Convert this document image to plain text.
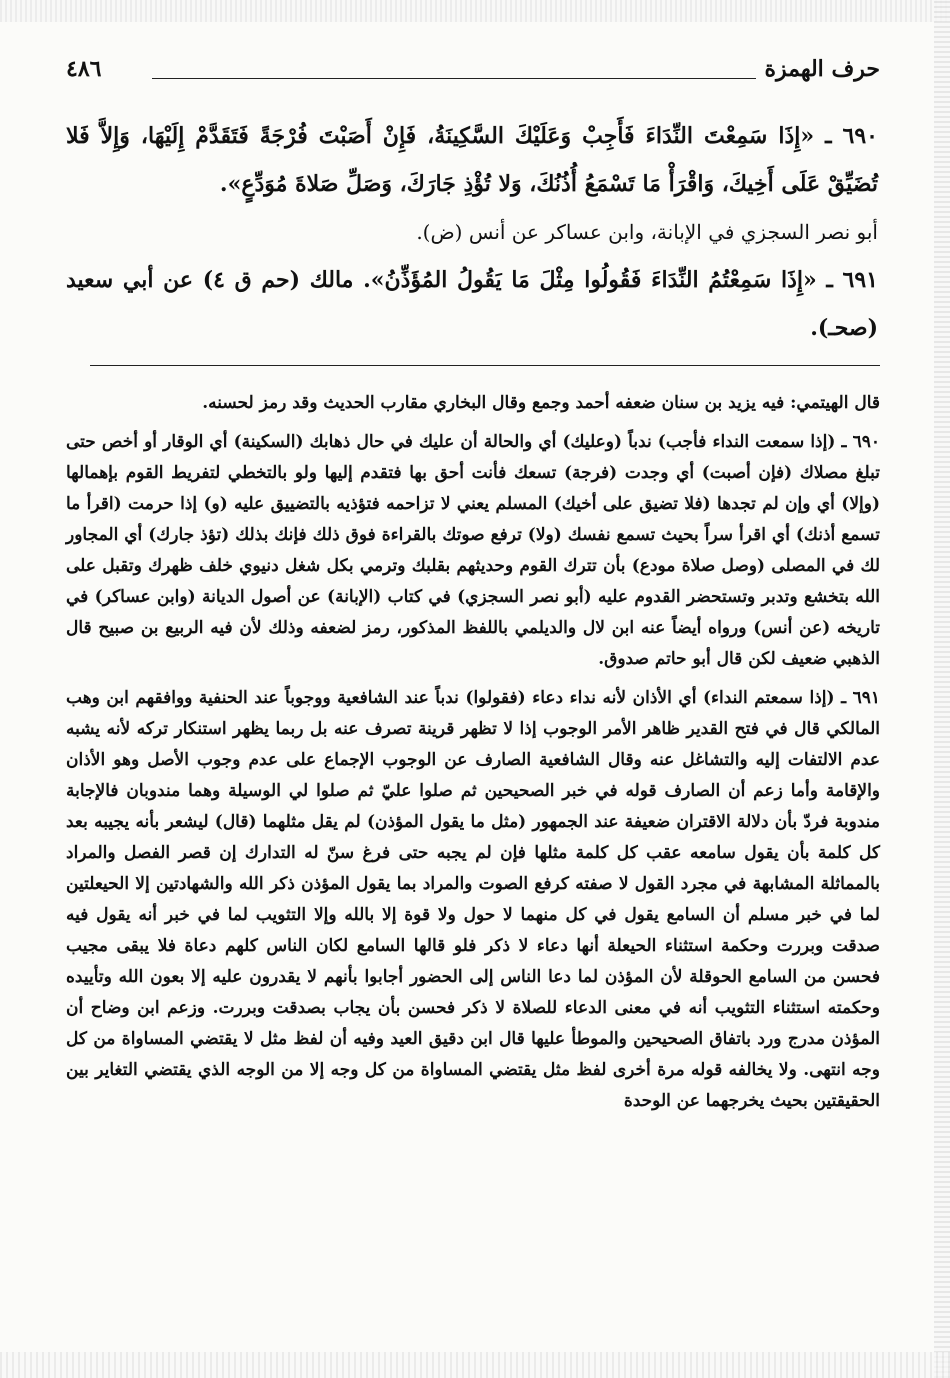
٤٨٦	حرف الهمزة

٦٩٠ ـ «إِذَا سَمِعْتَ النِّدَاءَ فَأَجِبْ وَعَلَيْكَ السَّكِينَةُ، فَإِنْ أَصَبْتَ فُرْجَةً فَتَقَدَّمْ إِلَيْهَا، وَإِلاَّ فَلا تُضَيِّقْ عَلَى أَخِيكَ، وَاقْرَأْ مَا تَسْمَعُ أُذُنُكَ، وَلا تُؤْذِ جَارَكَ، وَصَلِّ صَلاةَ مُوَدِّعٍ».

أبو نصر السجزي في الإبانة، وابن عساكر عن أنس (ض).

٦٩١ ـ «إِذَا سَمِعْتُمُ النِّدَاءَ فَقُولُوا مِثْلَ مَا يَقُولُ المُؤَذِّنُ». مالك (حم ق ٤) عن أبي سعيد (صحـ).

قال الهيتمي: فيه يزيد بن سنان ضعفه أحمد وجمع وقال البخاري مقارب الحديث وقد رمز لحسنه.

٦٩٠ ـ (إذا سمعت النداء فأجب) ندباً (وعليك) أي والحالة أن عليك في حال ذهابك (السكينة) أي الوقار أو أخص حتى تبلغ مصلاك (فإن أصبت) أي وجدت (فرجة) تسعك فأنت أحق بها فتقدم إليها ولو بالتخطي لتفريط القوم بإهمالها (وإلا) أي وإن لم تجدها (فلا تضيق على أخيك) المسلم يعني لا تزاحمه فتؤذيه بالتضييق عليه (و) إذا حرمت (اقرأ ما تسمع أذنك) أي اقرأ سراً بحيث تسمع نفسك (ولا) ترفع صوتك بالقراءة فوق ذلك فإنك بذلك (تؤذ جارك) أي المجاور لك في المصلى (وصل صلاة مودع) بأن تترك القوم وحديثهم بقلبك وترمي بكل شغل دنيوي خلف ظهرك وتقبل على الله بتخشع وتدبر وتستحضر القدوم عليه (أبو نصر السجزي) في كتاب (الإبانة) عن أصول الديانة (وابن عساكر) في تاريخه (عن أنس) ورواه أيضاً عنه ابن لال والديلمي باللفظ المذكور، رمز لضعفه وذلك لأن فيه الربيع بن صبيح قال الذهبي ضعيف لكن قال أبو حاتم صدوق.

٦٩١ ـ (إذا سمعتم النداء) أي الأذان لأنه نداء دعاء (فقولوا) ندباً عند الشافعية ووجوباً عند الحنفية ووافقهم ابن وهب المالكي قال في فتح القدير ظاهر الأمر الوجوب إذا لا تظهر قرينة تصرف عنه بل ربما يظهر استنكار تركه لأنه يشبه عدم الالتفات إليه والتشاغل عنه وقال الشافعية الصارف عن الوجوب الإجماع على عدم وجوب الأصل وهو الأذان والإقامة وأما زعم أن الصارف قوله في خبر الصحيحين ثم صلوا عليّ ثم صلوا لي الوسيلة وهما مندوبان فالإجابة مندوبة فردّ بأن دلالة الاقتران ضعيفة عند الجمهور (مثل ما يقول المؤذن) لم يقل مثلهما (قال) ليشعر بأنه يجيبه بعد كل كلمة بأن يقول سامعه عقب كل كلمة مثلها فإن لم يجبه حتى فرغ سنّ له التدارك إن قصر الفصل والمراد بالمماثلة المشابهة في مجرد القول لا صفته كرفع الصوت والمراد بما يقول المؤذن ذكر الله والشهادتين إلا الحيعلتين لما في خبر مسلم أن السامع يقول في كل منهما لا حول ولا قوة إلا بالله وإلا التثويب لما في خبر أنه يقول فيه صدقت وبررت وحكمة استثناء الحيعلة أنها دعاء لا ذكر فلو قالها السامع لكان الناس كلهم دعاة فلا يبقى مجيب فحسن من السامع الحوقلة لأن المؤذن لما دعا الناس إلى الحضور أجابوا بأنهم لا يقدرون عليه إلا بعون الله وتأييده وحكمته استثناء التثويب أنه في معنى الدعاء للصلاة لا ذكر فحسن بأن يجاب بصدقت وبررت. وزعم ابن وضاح أن المؤذن مدرج ورد باتفاق الصحيحين والموطأ عليها قال ابن دقيق العيد وفيه أن لفظ مثل لا يقتضي المساواة من كل وجه انتهى. ولا يخالفه قوله مرة أخرى لفظ مثل يقتضي المساواة من كل وجه إلا من الوجه الذي يقتضي التغاير بين الحقيقتين بحيث يخرجهما عن الوحدة
